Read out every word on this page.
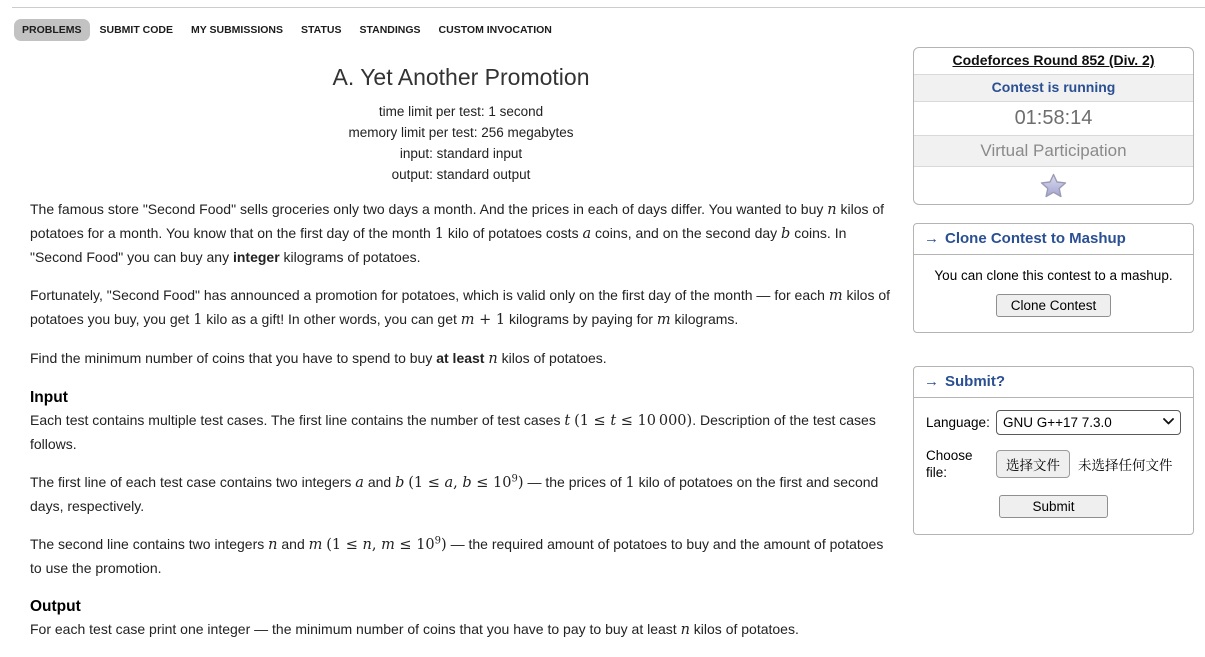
PROBLEMS	SUBMIT CODE	MY SUBMISSIONS	STATUS	STANDINGS	CUSTOM INVOCATION
A. Yet Another Promotion
time limit per test: 1 second
memory limit per test: 256 megabytes
input: standard input
output: standard output

The famous store "Second Food" sells groceries only two days a month. And the prices in each of days differ. You wanted to buy n kilos of potatoes for a month. You know that on the first day of the month 1 kilo of potatoes costs a coins, and on the second day b coins. In "Second Food" you can buy any integer kilograms of potatoes.

Fortunately, "Second Food" has announced a promotion for potatoes, which is valid only on the first day of the month — for each m kilos of potatoes you buy, you get 1 kilo as a gift! In other words, you can get m + 1 kilograms by paying for m kilograms.

Find the minimum number of coins that you have to spend to buy at least n kilos of potatoes.

Input

Each test contains multiple test cases. The first line contains the number of test cases t (1 ≤ t ≤ 10 000). Description of the test cases follows.

The first line of each test case contains two integers a and b (1 ≤ a, $b \le 10^9$) — the prices of 1 kilo of potatoes on the first and second days, respectively.

The second line contains two integers n and m (1 ≤ n, $m \le 10^9$) — the required amount of potatoes to buy and the amount of potatoes to use the promotion.

Output

For each test case print one integer — the minimum number of coins that you have to pay to buy at least n kilos of potatoes.

Codeforces Round 852 (Div. 2)
Contest is running
01:58:14
Virtual Participation
→ Clone Contest to Mashup
You can clone this contest to a mashup.
Clone Contest
→ Submit?
Language:
GNU G++17 7.3.0
Choose file:	选择文件	未选择任何文件
Submit
